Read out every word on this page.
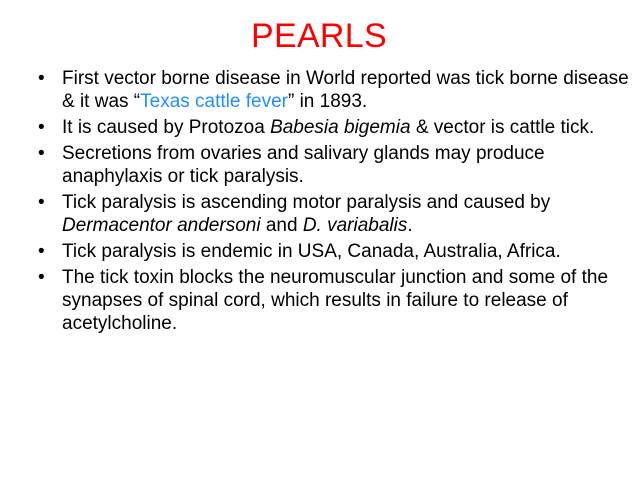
PEARLS
• First vector borne disease in World reported was tick borne disease & it was “Texas cattle fever” in 1893.
• It is caused by Protozoa Babesia bigemia & vector is cattle tick.
• Secretions from ovaries and salivary glands may produce anaphylaxis or tick paralysis.
• Tick paralysis is ascending motor paralysis and caused by Dermacentor andersoni and D. variabalis.
• Tick paralysis is endemic in USA, Canada, Australia, Africa.
• The tick toxin blocks the neuromuscular junction and some of the synapses of spinal cord, which results in failure to release of acetylcholine.
